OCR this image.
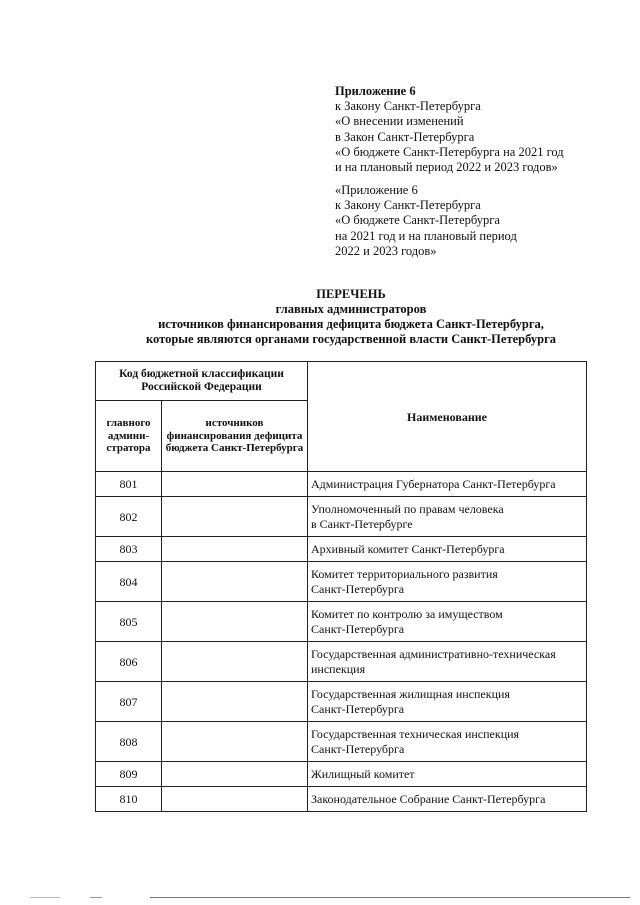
Приложение 6
к Закону Санкт-Петербурга
«О внесении изменений
в Закон Санкт-Петербурга
«О бюджете Санкт-Петербурга на 2021 год
и на плановый период 2022 и 2023 годов»
«Приложение 6
к Закону Санкт-Петербурга
«О бюджете Санкт-Петербурга
на 2021 год и на плановый период
2022 и 2023 годов»
ПЕРЕЧЕНЬ
главных администраторов
источников финансирования дефицита бюджета Санкт-Петербурга,
которые являются органами государственной власти Санкт-Петербурга
Код бюджетной классификации Российской Федерации		Наименование
главного админи-стратора	источников финансирования дефицита бюджета Санкт-Петербурга	
801		Администрация Губернатора Санкт-Петербурга
802		Уполномоченный по правам человека
в Санкт-Петербурге
803		Архивный комитет Санкт-Петербурга
804		Комитет территориального развития
Санкт-Петербурга
805		Комитет по контролю за имуществом
Санкт-Петербурга
806		Государственная административно-техническая
инспекция
807		Государственная жилищная инспекция
Санкт-Петербурга
808		Государственная техническая инспекция
Санкт-Петерубрга
809		Жилищный комитет
810		Законодательное Собрание Санкт-Петербурга
